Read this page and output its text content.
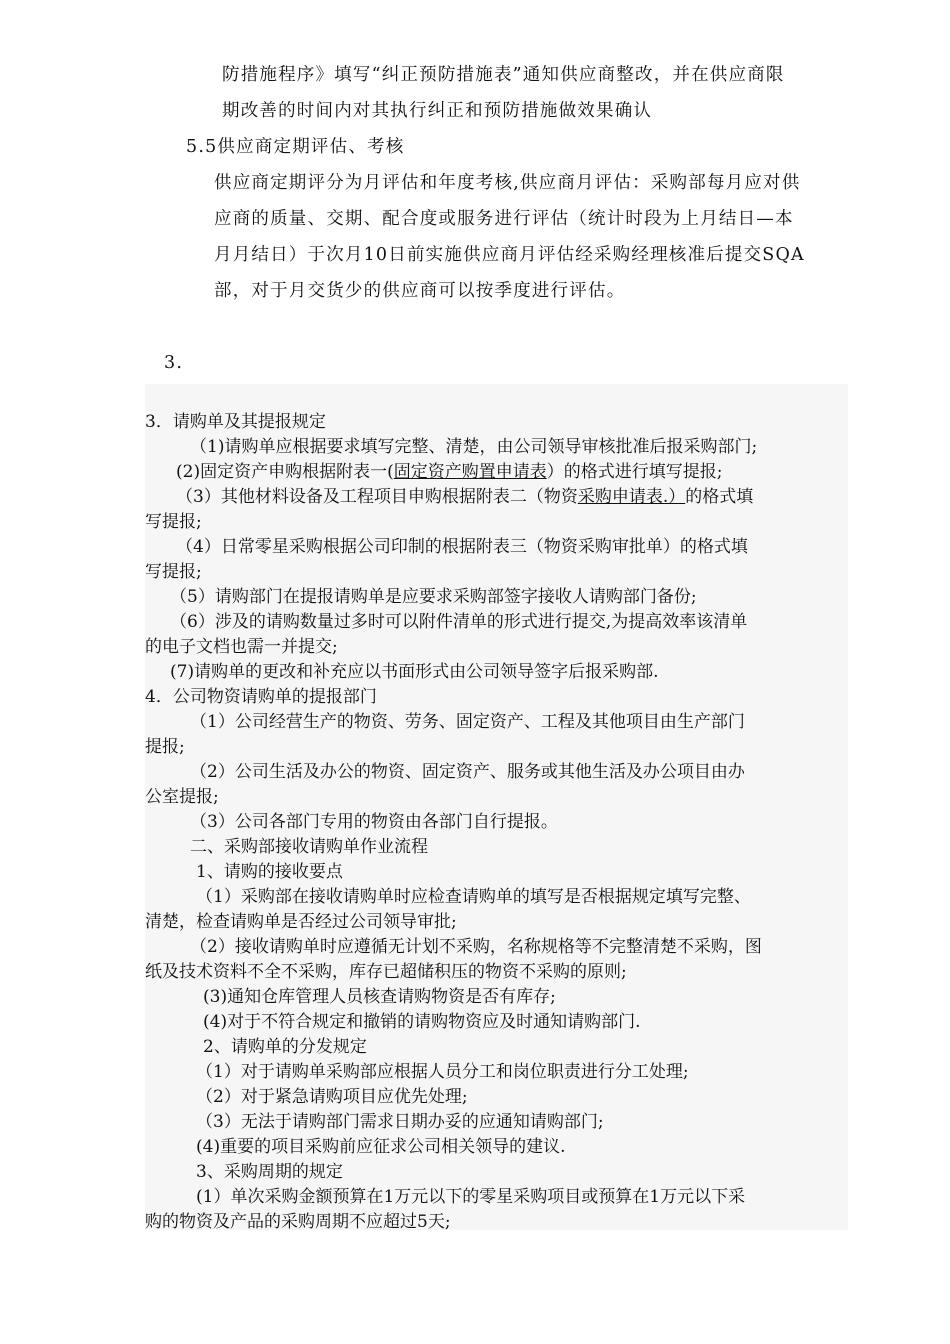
防措施程序》填写“纠正预防措施表”通知供应商整改，并在供应商限
期改善的时间内对其执行纠正和预防措施做效果确认
5.5供应商定期评估、考核
供应商定期评分为月评估和年度考核,供应商月评估：采购部每月应对供
应商的质量、交期、配合度或服务进行评估（统计时段为上月结日—本
月月结日）于次月10日前实施供应商月评估经采购经理核准后提交SQA
部，对于月交货少的供应商可以按季度进行评估。
3.
3．请购单及其提报规定
（1)请购单应根据要求填写完整、清楚，由公司领导审核批准后报采购部门;
(2)固定资产申购根据附表一(固定资产购置申请表）的格式进行填写提报;
（3）其他材料设备及工程项目申购根据附表二（物资采购申请表.）的格式填
写提报;
（4）日常零星采购根据公司印制的根据附表三（物资采购审批单）的格式填
写提报;
（5）请购部门在提报请购单是应要求采购部签字接收人请购部门备份;
（6）涉及的请购数量过多时可以附件清单的形式进行提交,为提高效率该清单
的电子文档也需一并提交;
(7)请购单的更改和补充应以书面形式由公司领导签字后报采购部.
4．公司物资请购单的提报部门
（1）公司经营生产的物资、劳务、固定资产、工程及其他项目由生产部门
提报;
（2）公司生活及办公的物资、固定资产、服务或其他生活及办公项目由办
公室提报;
（3）公司各部门专用的物资由各部门自行提报。
二、采购部接收请购单作业流程
1、请购的接收要点
（1）采购部在接收请购单时应检查请购单的填写是否根据规定填写完整、
清楚，检查请购单是否经过公司领导审批;
（2）接收请购单时应遵循无计划不采购，名称规格等不完整清楚不采购，图
纸及技术资料不全不采购，库存已超储积压的物资不采购的原则;
(3)通知仓库管理人员核查请购物资是否有库存;
(4)对于不符合规定和撤销的请购物资应及时通知请购部门.
2、请购单的分发规定
（1）对于请购单采购部应根据人员分工和岗位职责进行分工处理;
（2）对于紧急请购项目应优先处理;
（3）无法于请购部门需求日期办妥的应通知请购部门;
(4)重要的项目采购前应征求公司相关领导的建议.
3、采购周期的规定
(1）单次采购金额预算在1万元以下的零星采购项目或预算在1万元以下采
购的物资及产品的采购周期不应超过5天;
